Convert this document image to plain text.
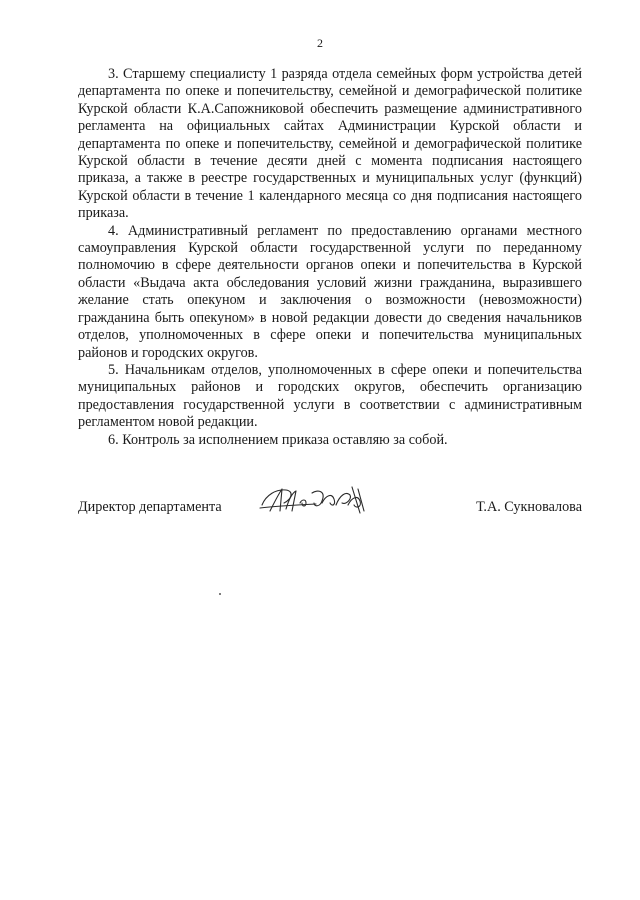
2

3. Старшему специалисту 1 разряда отдела семейных форм устройства детей департамента по опеке и попечительству, семейной и демографической политике Курской области К.А.Сапожниковой обеспечить размещение административного регламента на официальных сайтах Администрации Курской области и департамента по опеке и попечительству, семейной и демографической политике Курской области в течение десяти дней с момента подписания настоящего приказа, а также в реестре государственных и муниципальных услуг (функций) Курской области в течение 1 календарного месяца со дня подписания настоящего приказа.

4. Административный регламент по предоставлению органами местного самоуправления Курской области государственной услуги по переданному полномочию в сфере деятельности органов опеки и попечительства в Курской области «Выдача акта обследования условий жизни гражданина, выразившего желание стать опекуном и заключения о возможности (невозможности) гражданина быть опекуном» в новой редакции довести до сведения начальников отделов, уполномоченных в сфере опеки и попечительства муниципальных районов и городских округов.

5. Начальникам отделов, уполномоченных в сфере опеки и попечительства муниципальных районов и городских округов, обеспечить организацию предоставления государственной услуги в соответствии с административным регламентом новой редакции.

6. Контроль за исполнением приказа оставляю за собой.

Директор департамента	Т.А. Сукновалова
